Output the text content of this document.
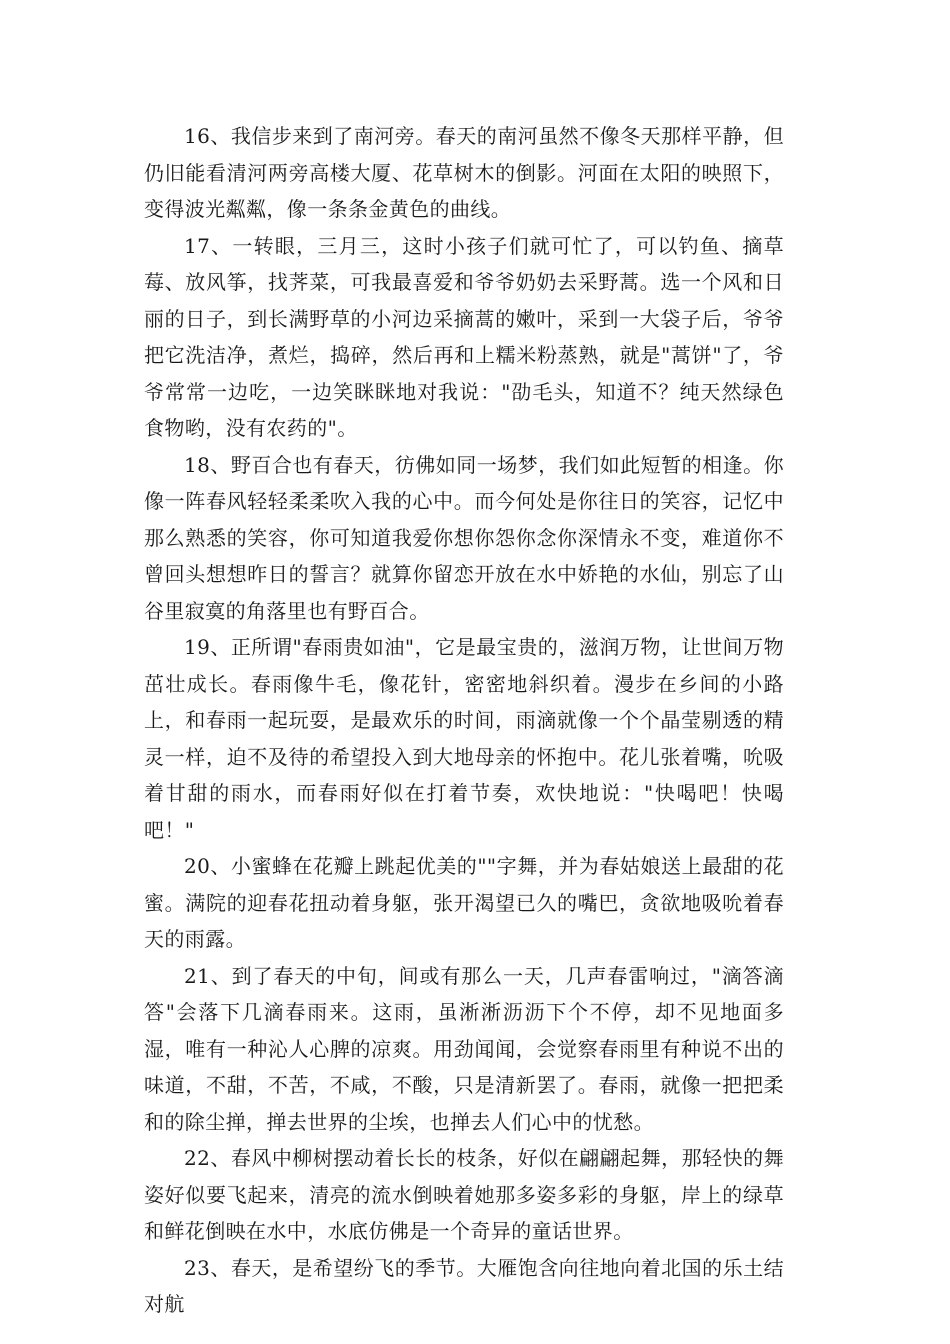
16、我信步来到了南河旁。春天的南河虽然不像冬天那样平静，但仍旧能看清河两旁高楼大厦、花草树木的倒影。河面在太阳的映照下，变得波光粼粼，像一条条金黄色的曲线。

17、一转眼，三月三，这时小孩子们就可忙了，可以钓鱼、摘草莓、放风筝，找荠菜，可我最喜爱和爷爷奶奶去采野蒿。选一个风和日丽的日子，到长满野草的小河边采摘蒿的嫩叶，采到一大袋子后，爷爷把它洗洁净，煮烂，捣碎，然后再和上糯米粉蒸熟，就是"蒿饼"了，爷爷常常一边吃，一边笑眯眯地对我说："劭毛头，知道不？纯天然绿色食物哟，没有农药的"。

18、野百合也有春天，彷佛如同一场梦，我们如此短暂的相逢。你像一阵春风轻轻柔柔吹入我的心中。而今何处是你往日的笑容，记忆中那么熟悉的笑容，你可知道我爱你想你怨你念你深情永不变，难道你不曾回头想想昨日的誓言？就算你留恋开放在水中娇艳的水仙，别忘了山谷里寂寞的角落里也有野百合。

19、正所谓"春雨贵如油"，它是最宝贵的，滋润万物，让世间万物茁壮成长。春雨像牛毛，像花针，密密地斜织着。漫步在乡间的小路上，和春雨一起玩耍，是最欢乐的时间，雨滴就像一个个晶莹剔透的精灵一样，迫不及待的希望投入到大地母亲的怀抱中。花儿张着嘴，吮吸着甘甜的雨水，而春雨好似在打着节奏，欢快地说："快喝吧！快喝吧！"

20、小蜜蜂在花瓣上跳起优美的""字舞，并为春姑娘送上最甜的花蜜。满院的迎春花扭动着身躯，张开渴望已久的嘴巴，贪欲地吸吮着春天的雨露。

21、到了春天的中旬，间或有那么一天，几声春雷响过，"滴答滴答"会落下几滴春雨来。这雨，虽淅淅沥沥下个不停，却不见地面多湿，唯有一种沁人心脾的凉爽。用劲闻闻，会觉察春雨里有种说不出的味道，不甜，不苦，不咸，不酸，只是清新罢了。春雨，就像一把把柔和的除尘掸，掸去世界的尘埃，也掸去人们心中的忧愁。

22、春风中柳树摆动着长长的枝条，好似在翩翩起舞，那轻快的舞姿好似要飞起来，清亮的流水倒映着她那多姿多彩的身躯，岸上的绿草和鲜花倒映在水中，水底仿佛是一个奇异的童话世界。

23、春天，是希望纷飞的季节。大雁饱含向往地向着北国的乐土结对航
